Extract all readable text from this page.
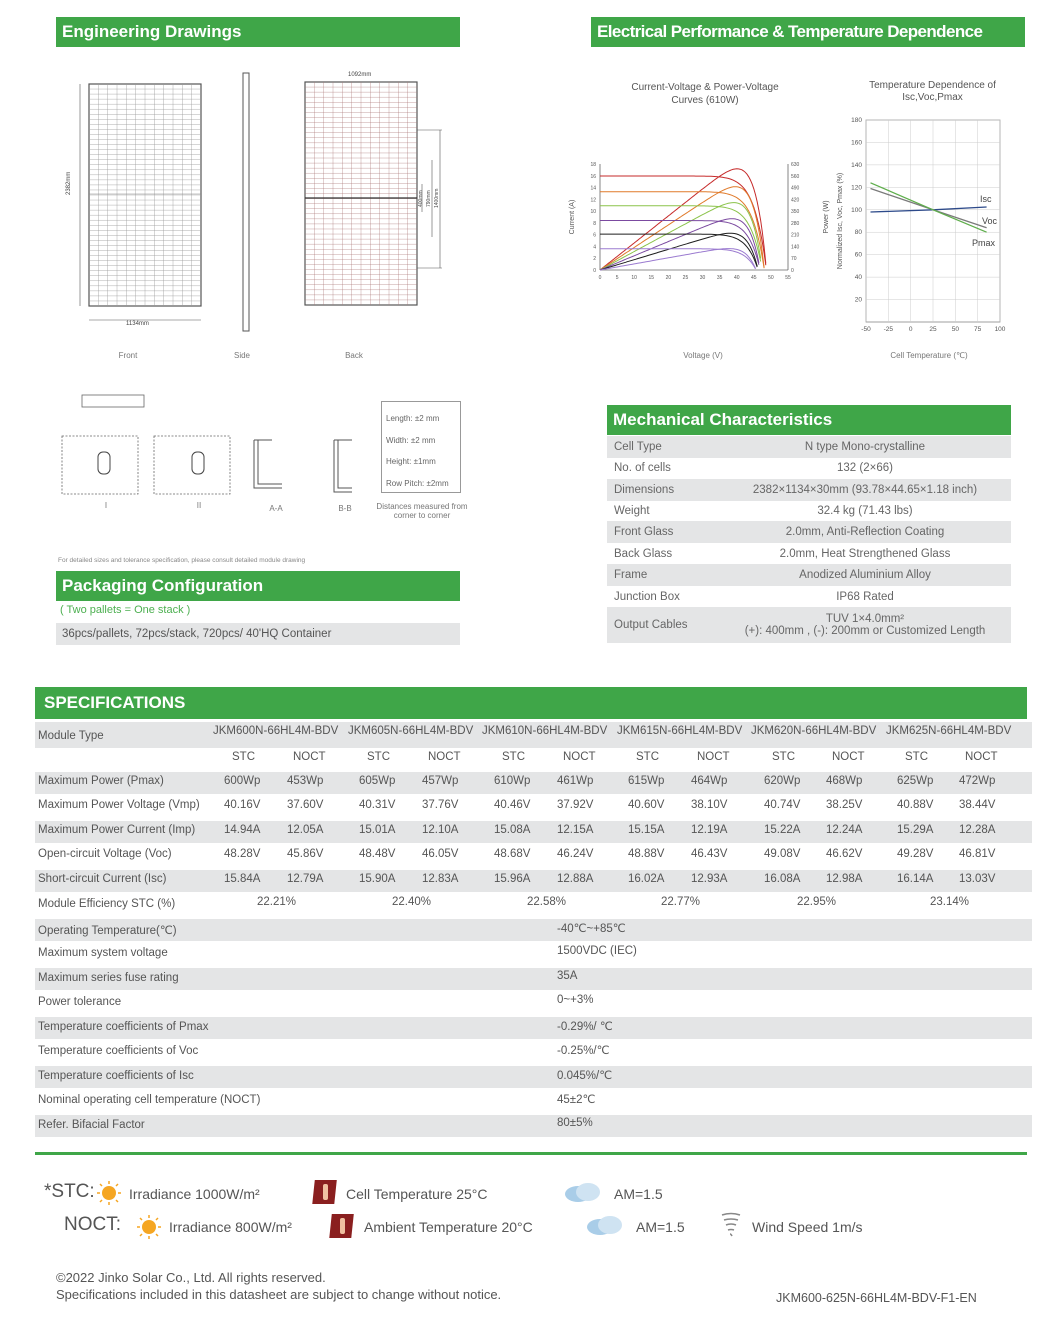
Engineering Drawings	Electrical Performance & Temperature Dependence
2382mm
1134mm
1092mm
1400mm
790mm
400mm
Front	Side	Back
I	II	A-A	B-B
Length: ±2 mm
Width: ±2 mm
Height: ±1mm
Row Pitch: ±2mm
Distances measured from corner to corner
For detailed sizes and tolerance specification, please consult detailed module drawing
Packaging Configuration
( Two pallets = One stack )
36pcs/pallets, 72pcs/stack, 720pcs/ 40'HQ Container
Current-Voltage & Power-Voltage Curves (610W)
0	5	10 15 20 25 30 35 40 45 50 55
0
2
4
6
8
10
12
14
16
18
0
70
140
210
280
350
420
490
560
630
Current (A)	Power (W)
Voltage (V)
Temperature Dependence of Isc,Voc,Pmax
-50 -25 0	25 50 75 100
20
40
60
80
100
120
140
160
180
Normalized Isc, Voc, Pmax (%)	Isc
Voc
Pmax
Cell Temperature (℃)
Mechanical Characteristics
Cell Type	N type Mono-crystalline
No. of cells	132 (2×66)
Dimensions	2382×1134×30mm (93.78×44.65×1.18 inch)
Weight	32.4 kg (71.43 lbs)
Front Glass	2.0mm, Anti-Reflection Coating
Back Glass	2.0mm, Heat Strengthened Glass
Frame	Anodized Aluminium Alloy
Junction Box	IP68 Rated
Output Cables	TUV 1×4.0mm²
(+): 400mm , (-): 200mm or Customized Length
SPECIFICATIONS
Module Type	JKM600N-66HL4M-BDV JKM605N-66HL4M-BDV JKM610N-66HL4M-BDV JKM615N-66HL4M-BDV JKM620N-66HL4M-BDV JKM625N-66HL4M-BDV
STC	NOCT	STC	NOCT	STC	NOCT	STC	NOCT	STC	NOCT	STC	NOCT
Maximum Power (Pmax)	600Wp 453Wp	605Wp 457Wp	610Wp 461Wp	615Wp 464Wp	620Wp 468Wp	625Wp 472Wp
Maximum Power Voltage (Vmp) 40.16V 37.60V	40.31V 37.76V	40.46V 37.92V	40.60V 38.10V	40.74V 38.25V	40.88V 38.44V
Maximum Power Current (Imp)	14.94A 12.05A	15.01A 12.10A	15.08A 12.15A	15.15A 12.19A	15.22A 12.24A	15.29A 12.28A
Open-circuit Voltage (Voc)	48.28V 45.86V	48.48V 46.05V	48.68V 46.24V	48.88V 46.43V	49.08V 46.62V	49.28V 46.81V
Short-circuit Current (Isc)	15.84A 12.79A	15.90A 12.83A	15.96A 12.88A	16.02A 12.93A	16.08A 12.98A	16.14A 13.03V
Module Efficiency STC (%)	22.21%	22.40%	22.58%	22.77%	22.95%	23.14%
Operating Temperature(℃)	-40℃~+85℃
Maximum system voltage	1500VDC (IEC)
Maximum series fuse rating	35A
Power tolerance	0~+3%
Temperature coefficients of Pmax	-0.29%/ ℃
Temperature coefficients of Voc	-0.25%/℃
Temperature coefficients of Isc	0.045%/℃
Nominal operating cell temperature (NOCT)	45±2℃
Refer. Bifacial Factor	80±5%
*STC:
NOCT:
Irradiance 1000W/m²
Irradiance 800W/m²
Cell Temperature 25°C
Ambient Temperature 20°C
AM=1.5
AM=1.5	Wind Speed 1m/s
©2022 Jinko Solar Co., Ltd. All rights reserved.
Specifications included in this datasheet are subject to change without notice.	JKM600-625N-66HL4M-BDV-F1-EN
